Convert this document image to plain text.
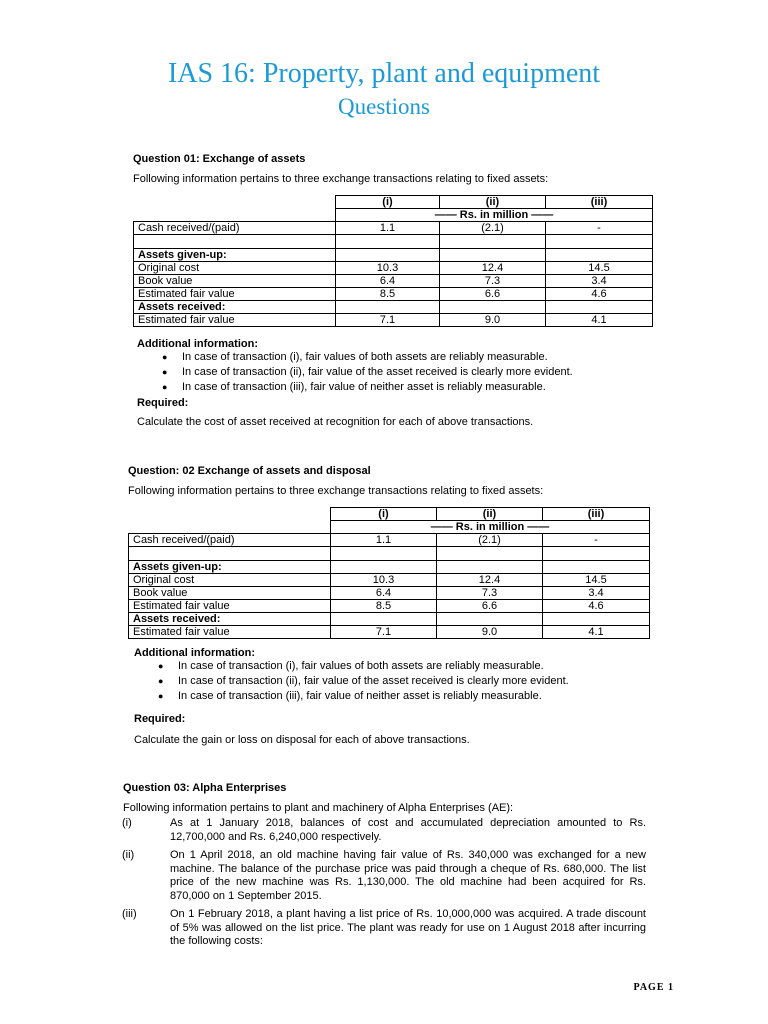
IAS 16: Property, plant and equipment
Questions
Question 01: Exchange of assets
Following information pertains to three exchange transactions relating to fixed assets:
	(i)	(ii)	(iii)
	—— Rs. in million ——		
Cash received/(paid)	1.1	(2.1)	-

Assets given-up:			
Original cost	10.3	12.4	14.5
Book value	6.4	7.3	3.4
Estimated fair value	8.5	6.6	4.6
Assets received:			
Estimated fair value	7.1	9.0	4.1
Additional information:
● In case of transaction (i), fair values of both assets are reliably measurable.
● In case of transaction (ii), fair value of the asset received is clearly more evident.
● In case of transaction (iii), fair value of neither asset is reliably measurable.
Required:
Calculate the cost of asset received at recognition for each of above transactions.
Question: 02 Exchange of assets and disposal
Following information pertains to three exchange transactions relating to fixed assets:
	(i)	(ii)	(iii)
	—— Rs. in million ——		
Cash received/(paid)	1.1	(2.1)	-

Assets given-up:			
Original cost	10.3	12.4	14.5
Book value	6.4	7.3	3.4
Estimated fair value	8.5	6.6	4.6
Assets received:			
Estimated fair value	7.1	9.0	4.1
Additional information:
● In case of transaction (i), fair values of both assets are reliably measurable.
● In case of transaction (ii), fair value of the asset received is clearly more evident.
● In case of transaction (iii), fair value of neither asset is reliably measurable.
Required:
Calculate the gain or loss on disposal for each of above transactions.
Question 03: Alpha Enterprises
Following information pertains to plant and machinery of Alpha Enterprises (AE):
(i)	As at 1 January 2018, balances of cost and accumulated depreciation amounted to Rs. 12,700,000 and Rs. 6,240,000 respectively.
(ii)	On 1 April 2018, an old machine having fair value of Rs. 340,000 was exchanged for a new machine. The balance of the purchase price was paid through a cheque of Rs. 680,000. The list price of the new machine was Rs. 1,130,000. The old machine had been acquired for Rs. 870,000 on 1 September 2015.
(iii)	On 1 February 2018, a plant having a list price of Rs. 10,000,000 was acquired. A trade discount of 5% was allowed on the list price. The plant was ready for use on 1 August 2018 after incurring the following costs:
PAGE 1
